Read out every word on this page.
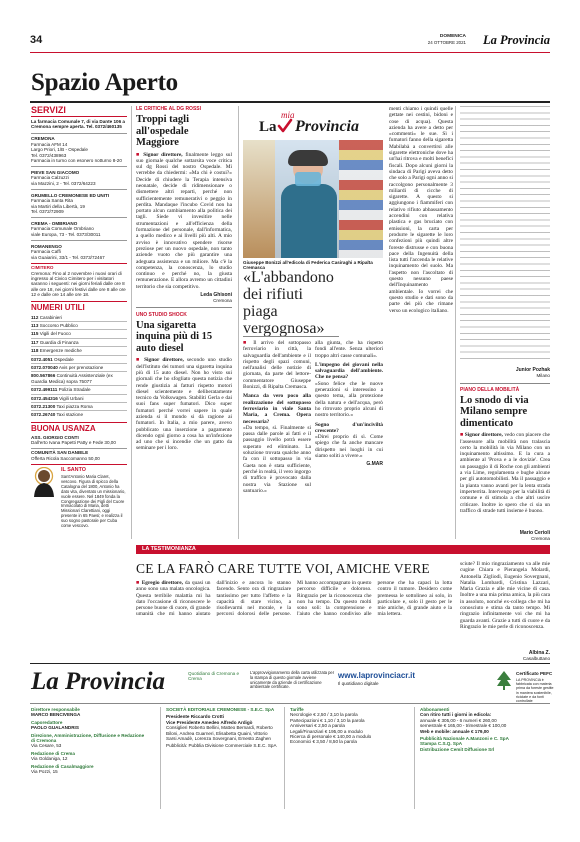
34	DOMENICA
24 OTTOBRE 2021 La Provincia
Spazio Aperto
SERVIZI
La farmacia Comunale 7, di via Dante 106 a Cremona sempre aperta. Tel. 0372/460135
CREMONA
Farmacia AFM 14
Largo Priori, 1/B - Ospedale
Tel. 0372/438963
Farmacia in turno con esonero notturno 8-20
PIEVE SAN GIACOMO
Farmacia Calzuzzi
via Mazzini, 2 - Tel. 0372/64223
GRUMELLO CREMONESE ED UNITI
Farmacia Santa Rita
via Martiri della Libertà, 19
Tel. 0372/72909
CREMA - OMBRIANO
Farmacia Comunale Ombriano
viale Europa, 73 - Tel. 0373/30011
ROMANENGO
Farmacia Caffi
via Guaiarini, 33/1 - Tel. 0373/72467
CIMITERO
Cremona: Fino al 2 novembre i nuovi orari di ingresso al Civico Cimitero per i visitatori saranno i seguenti: nei giorni feriali dalle ore 8 alle ore 18, nei giorni festivi dalle ore 8 alle ore 12 e dalle ore 14 alle ore 18.
NUMERI UTILI
112 Carabinieri
113 Soccorso Pubblico
115 Vigili del Fuoco
117 Guardia di Finanza
118 Emergenze mediche
0372.4051 Ospedale
0372.070040 Avis per prenotazione
800.567866 Continuità Assistenziale (ex Guardia Medica) sopra 75077
0372.499111 Polizia Stradale
0372.454316 Vigili Urbani
0372.21300 Taxi piazza Roma
0372.26740 Taxi stazione
BUONA USANZA
ASS. GIORGIO CONTI
Dall'erto Ivana Papetti Patty e Fede 30,00
COMUNITÀ SAN DANIELE
Offerta Ricola Saccomanno 50,00
IL SANTO
Sant'Antonio Maria Claret, vescovo. Figura di spicco della Catalogna del 1800, Antonio ha dato vita, diventato un missionario, vuole essere. Nel 1849 fonda la Congregazione dei Figli del Cuore Immacolato di Maria, detti Missionari Clarettiani, oggi presente in 65 Paesi; e realizza il suo sogno pastorale per Cuba come vescovo.
LE CRITICHE AL DG ROSSI
Troppi tagli all'ospedale Maggiore
■ Signor direttore, finalmente leggo sul suo giornale qualche sottarsita voce critica sul dg Rossi del nostro Ospedale. Mi verrebbe da chiedermi: «Ma chi è costui?» Decide di chiudere la Terapia intensiva neonatale, decide di ridimensionare o dismettere altri reparti, perché non sufficientemente remunerativi o peggio in perdita. Mandaque l'incubo Covid non ha portato alcun cambiamento alla politica dei tagli. Siede vi invesitire nelle strumentazioni e all'efficienza della formazione del personale, dall'informatica, a quello medico e ai livelli più alti. A mio avviso è innovativo spendere risorse preziose per un nuovo ospedale, non tanto aziende vuoto che più garantire una adeguata assistenza e un miliore. Ma c'è la competenza, la conoscenza, lo studio continuo e perché no, la giusta remunerazione. E allora avremo un cittadini territorio che sia competitivo.
Leda Ghisoni
Cremona
UNO STUDIO SHOCK
Una sigaretta inquina più di 15 auto diesel
■ Signor direttore, secondo uno studio dell'Istituto dei tumori una sigaretta inquina più di 15 auto diesel. Non ho visto sui giornali che ho sfogliato questa notizia che rende giustizia ai fatturi rispetto motori diesel scientemente e deliberatamente tecnico da Volkswagen. Stabiliti Gerla e dai suoi fans super fumatori. Dico super fumatori perché vorrei sapere in quale azienda si il mondo si dà ragione ai fumatori. In Italia, a mio parere, avevo pubblicato una inserzione a pagamento dicendo ogni giorno a cosa ha un'infezione ad uno che si incendie che un gatto da seminare per i loro.
La
mia
Provincia
Giuseppe Bonizzi all'edicola di Federica Casiraghi a Ripalta Cremasca
«L'abbandono dei rifiuti piaga vergognosa»
■ Il arrivo del sottopasso ferroviario in città, la salvaguardia dell'ambiente e il rispetto degli spazi comuni, nell'analisi delle notizie di giornata, da parte del lettore-commentatore Giuseppe Bonizzi, di Ripalta Cremasca.
Manca da vero poco alla realizzazione del sottopasso ferroviario in viale Santa Maria, a Crema. Opera necessaria?
«Da tempo, sì. Finalmente si passa dalle parole ai fatti e il passaggio livello potrà essere superato ed eliminato. La soluzione trovata qualche anno fa con il sottopasso in via Gaeta non è stata sufficiente, perché in realtà, il vero ingorgo di traffico è provocato dalla nostra via Stazione sul santuario.»
alla giunta, che ha rispetto fondi all'ente. Senza ulteriori troppo altri casse comunali».
L'impegno dei giovani nella salvaguardia dell'ambiente. Che ne pensa?
«Sono felice che le nuove generazioni si interessino a questo tema, alla protezione della natura e dell'acqua, però ho ritrovato proprio alcuni di nostro territorio.»
Sogno d'un'inciviltà crescente?
«Direi proprio di sì. Come spiego che fa anche mancare dirispetto nei luoghi in cui siamo soliti a vivere.»
G.MAR
menti chiamo i quindi quelle gettate nei cestini, bidoni e cose di acqua). Questa azienda ha avere a detto per «commenti» le sue. Sì i fumatori fanno della sigaretta Mabilabà a convertirsi alle sigarette elettroniche dove ha un'hai ritrova e molti benefici fiscali. Dopo alcuni giorni la sindaca di Parigi aveva detto che solo a Parigi ogni anno si raccolgono personalmente 3 miliardi di cicche di sigarette. A questo si aggiungono i fiammiferi con relativo rifiuto abbassamento accendini con relativa plastica e gas bruciato con emissioni, la carta per produrre le sigarette le loro confezioni più quindi altre foreste distrusse e con buona pace della Ingenuità della lista tutti l'accenda le relative inquinamento del suolo. Ma l'aspetto non l'ascoltato di questo nessuno paese dell'Inquinamento ambientale. Io vorrei che questo studio e dati sono da parte dei più che rimane verso un ecologico italiano.
Junior Pozhak
Milano
PIANO DELLA MOBILITÀ
Lo snodo di via Milano sempre dimenticato
■ Signor direttore, vedo con piacere che l'assessore alla mobilità non tralascia certo la mobilità in via Milano con un inquinamento altissimo. E la cura a ambiente al 'Prova e a le dovizie'. Crea un passaggio il di Roche con gli ambienti a via Lime, regolamenta e bughe alcune per gli autotomobilisti. Ma il passaggio e la pianta vanno avanti per la lenta strada imperterrita. Intervengo per la viabilità di comune e di stimola a che altri uscire criticare. Inoltre io spero che ci sia un traffico di strade tutti insieme è buono.
Mario Cerioli
Cremona
LA TESTIMONIANZA
CE LA FARÒ CARE TUTTE VOI, AMICHE VERE
■ Egregio direttore, da quasi un anno sono una malata oncologica. Questa terribile malattia mi ha dato l'occasione di riconoscere le persone buone di cuore, di grande umanità che mi hanno aiutato dall'inizio e ancora lo stanno facendo. Sento ora di ringraziare tantissimo per tutto l'affetto e la capacità di stare vicino, a risollevarmi nel morale, e la percorsi dolorosi delle persone. Mi hanno accompagnato in questo percorso difficile e doloroso. Ringrazio per la riconoscenza che non ha tempo. Da questo molti sono soli: la comprensione e l'aiuto che hanno condiviso alle persone che ha capaci la lotta contro il tumore. Desidero come premessa le sottolineo ai solo, in particolare e, solo il gesto per le mie amiche, di grande aiuto e la mia lettera.
sciute? Il mio ringraziamento va alle mie cugine Chiara e Pierangela Molardi, Antonella Zigliodi, Eugenio Sovergnani, Natalia Lombardi, Cristina Lazzari, Maria Grazia e alle mie vicine di casa. Inoltre a una mia prima amica, la più cara in assoluto, nonché ex-collega che mi ha conosciuto e stima da tanto tempo. Mi ringrazio infinitamente voi che mi ha guarda avanti. Grazie a tutti di cuore e da Ringrazio le mie perle di riconoscenza.
Albina Z.
Casalbuttano
La Provincia	Quotidiano di Cremona e Crema
L'approvvigionamento della carta utilizzata per la stampa di questo giornale avviene unicamente da aziende di certificazione ambientale certificate.
www.laprovinciacr.it
Il quotidiano digitale
Certificato PEFC
LA PROVINCIA è fabbricata con materia prima da foreste gestite in maniera sostenibile, riciclate e da fonti controllate
Direttore responsabile
MARCO BENCIVENGA
Caporedattore
PAOLO GUALANDRIS
Direzione, Amministrazione, Diffusione e Redazione di Cremona
Via Cesare, 53
Redazione di Crema
Via Goldaniga, 12
Redazione di Casalmaggiore
Via Pozzi, 15
SOCIETÀ EDITORIALE CREMONESE - S.E.C. SpA
Presidente Riccardo Crotti
Vice Presidente Amedeo Alfredo Ardigò
Consiglieri Roberto Bellini, Matteo Bernardi, Roberto Biloni, Andrea Guarneri, Elisabetta Quaini, Vittorio Sarsi Amadè, Lorenza Sovergnani, Ernesto Zaghen
Pubblicità: Pubblia Divisione Commerciale S.E.C. SpA
Tariffe
Necrologie € 2,50 / 3,10 la parola
Partecipazioni € 1,10 / 3,10 la parola
Anniversari € 2,50 a parola
Legali/Finanziari € 195,00 a modulo
Ricerca di personale € 140,00 a modulo
Economici € 3,50 / 8,50 la parola
Abbonamenti
Con ritiro tutti i giorni in edicola:
annuale € 305,00 - 6 numeri € 260,00
semestrale € 165,00 - trimestrale € 100,00
Web e mobile: annuale € 179,00
Pubblicità Nazionale A.Manzoni e C. SpA
Stampa C.S.Q. SpA
Distribuzione Cemit Diffusione Srl
